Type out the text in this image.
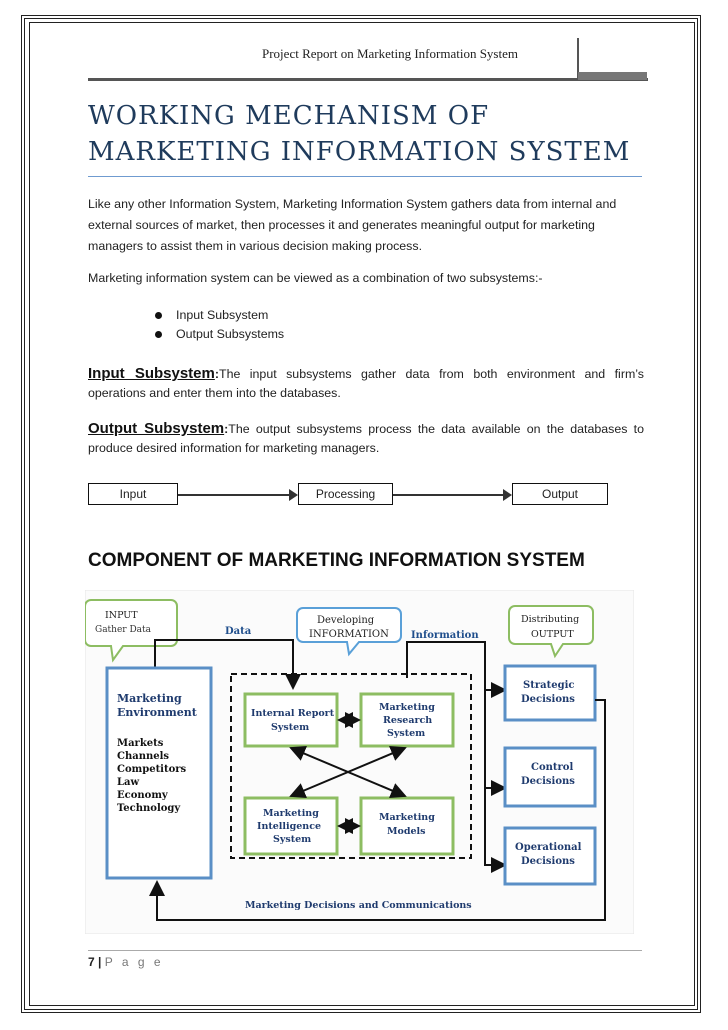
Project Report on Marketing Information System
WORKING MECHANISM OF
MARKETING INFORMATION SYSTEM
Like any other Information System, Marketing Information System gathers data from internal and external sources of market, then processes it and generates meaningful output for marketing managers to assist them in various decision making process.
Marketing information system can be viewed as a combination of two subsystems:-
Input Subsystem
Output Subsystems
Input Subsystem:The input subsystems gather data from both environment and firm’s operations and enter them into the databases.
Output Subsystem:The output subsystems process the data available on the databases to produce desired information for marketing managers.
Input	Processing	Output
COMPONENT OF MARKETING INFORMATION SYSTEM
INPUT
Gather Data
Developing
INFORMATION
Distributing
OUTPUT
Data	Information
Marketing
Environment
Markets
Channels
Competitors
Law
Economy
Technology
Internal Report
System
Marketing
Research
System
Marketing
Intelligence
System
Marketing
Models
Strategic
Decisions
Control
Decisions
Operational
Decisions
Marketing Decisions and Communications
7 | P a g e
